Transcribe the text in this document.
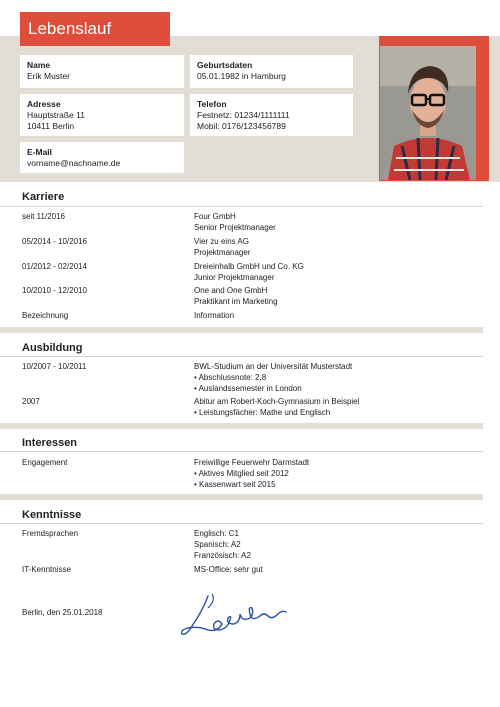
Lebenslauf
Name
Erik Muster
Geburtsdaten
05.01.1982 in Hamburg
Adresse
Hauptstraße 11
10411 Berlin
Telefon
Festnetz: 01234/1111111
Mobil: 0176/123456789
E-Mail
vorname@nachname.de
Karriere
seit 11/2016	Four GmbH
Senior Projektmanager
05/2014 - 10/2016	Vier zu eins AG
Projektmanager
01/2012 - 02/2014	Dreieinhalb GmbH und Co. KG
Junior Projektmanager
10/2010 - 12/2010	One and One GmbH
Praktikant im Marketing
Bezeichnung	Information
Ausbildung
10/2007 - 10/2011	BWL-Studium an der Universität Musterstadt
• Abschlussnote: 2,8
• Auslandssemester in London
2007	Abitur am Robert-Koch-Gymnasium in Beispiel
• Leistungsfächer: Mathe und Englisch
Interessen
Engagement	Freiwillige Feuerwehr Darmstadt
• Aktives Mitglied seit 2012
• Kassenwart seit 2015
Kenntnisse
Fremdsprachen	Englisch: C1
Spanisch: A2
Französisch: A2
IT-Kenntnisse	MS-Office: sehr gut
Berlin, den 25.01.2018
